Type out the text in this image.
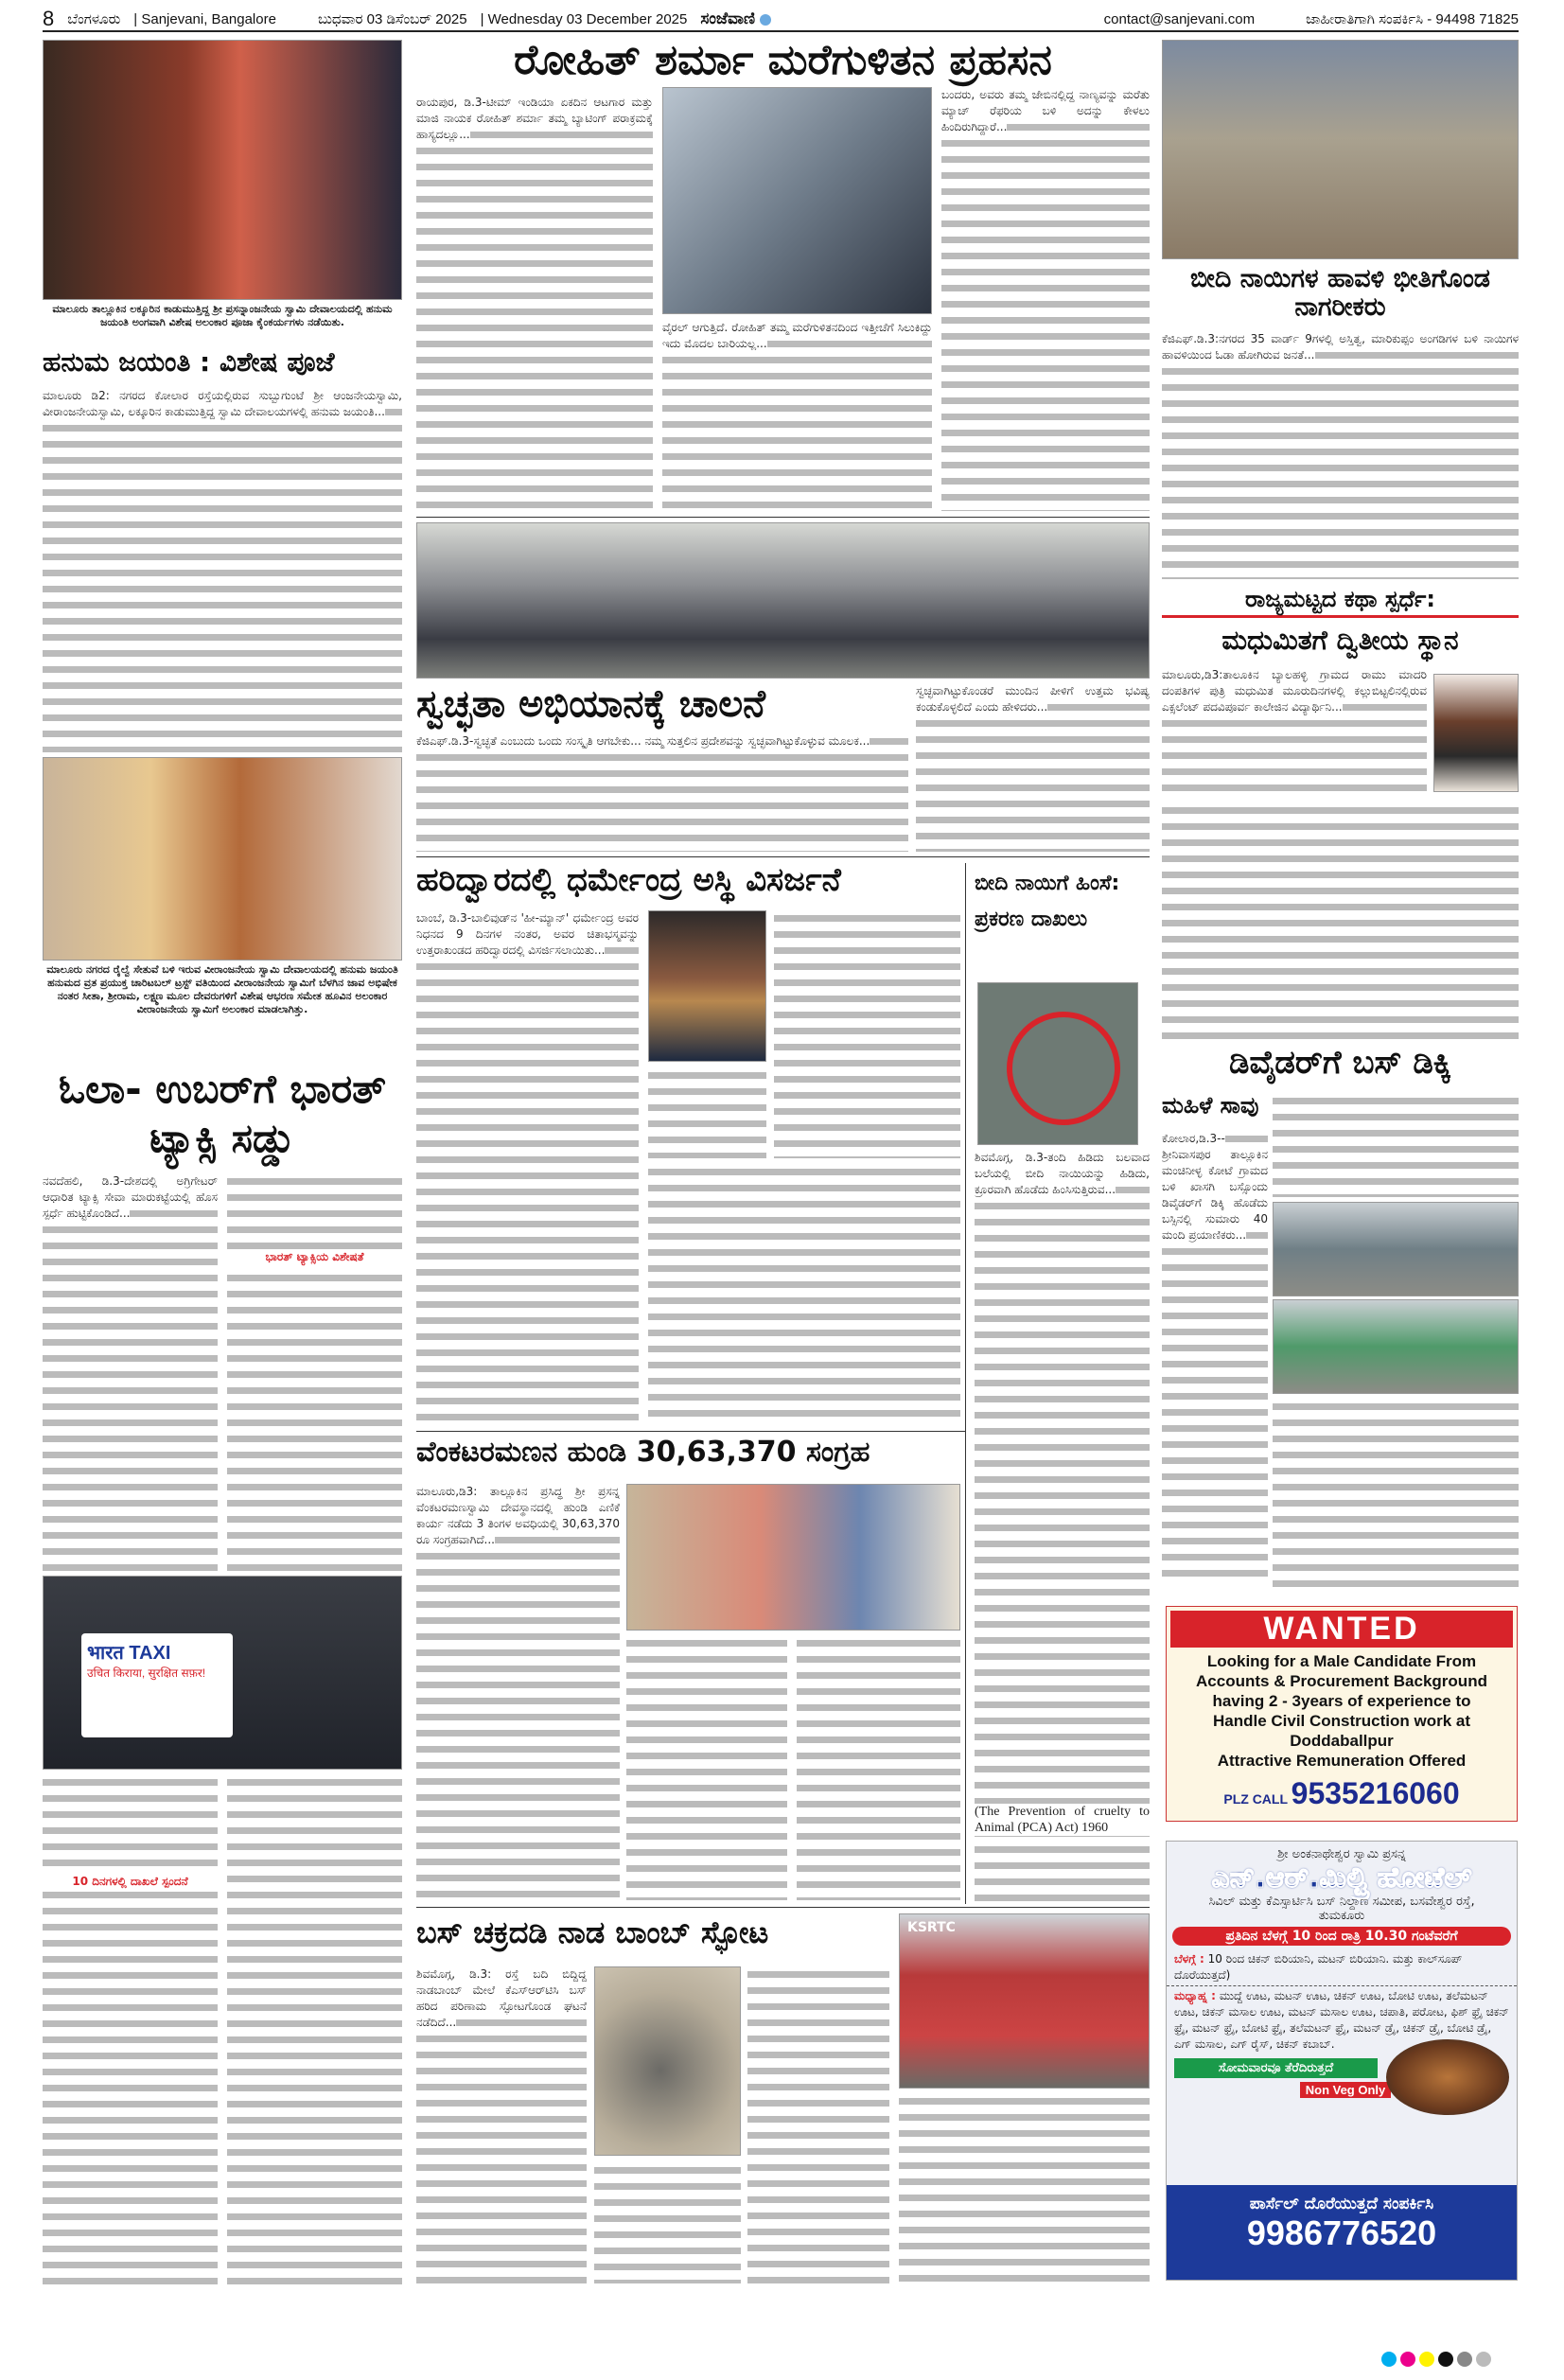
8 ಬೆಂಗಳೂರು | Sanjevani, Bangalore	ಬುಧವಾರ 03 ಡಿಸೆಂಬರ್ 2025 | Wednesday 03 December 2025 ಸಂಜೆವಾಣಿ	contact@sanjevani.com	ಜಾಹೀರಾತಿಗಾಗಿ ಸಂಪರ್ಕಿಸಿ - 94498 71825
ಮಾಲೂರು ತಾಲ್ಲೂಕಿನ ಲಕ್ಕೂರಿನ ಕಾಡುಮುತ್ತಿದ್ದ ಶ್ರೀ ಪ್ರಸನ್ನಾಂಜನೇಯ ಸ್ವಾಮಿ ದೇವಾಲಯದಲ್ಲಿ ಹನುಮ ಜಯಂತಿ ಅಂಗವಾಗಿ ವಿಶೇಷ ಅಲಂಕಾರ ಪೂಜಾ ಕೈಂಕರ್ಯಗಳು ನಡೆಯಿತು.
ಹನುಮ ಜಯಂತಿ : ವಿಶೇಷ ಪೂಜೆ
ಮಾಲೂರು ಡಿ2: ನಗರದ ಕೋಲಾರ ರಸ್ತೆಯಲ್ಲಿರುವ ಸುಬ್ಬುಗುಂಟೆ ಶ್ರೀ ಆಂಜನೇಯಸ್ವಾಮಿ, ವೀರಾಂಜನೇಯಸ್ವಾಮಿ, ಲಕ್ಕೂರಿನ ಕಾಡುಮುತ್ತಿದ್ದ ಸ್ವಾಮಿ ದೇವಾಲಯಗಳಲ್ಲಿ ಹನುಮ ಜಯಂತಿ...
ಮಾಲೂರು ನಗರದ ರೈಲ್ವೆ ಸೇತುವೆ ಬಳಿ ಇರುವ ವೀರಾಂಜನೇಯ ಸ್ವಾಮಿ ದೇವಾಲಯದಲ್ಲಿ ಹನುಮ ಜಯಂತಿ ಹನುಮದ ವ್ರತ ಪ್ರಯುಕ್ತ ಚಾರಿಟಬಲ್ ಟ್ರಸ್ಟ್ ವತಿಯಿಂದ ವೀರಾಂಜನೇಯ ಸ್ವಾಮಿಗೆ ಬೆಳಗಿನ ಜಾವ ಅಭಿಷೇಕ ನಂತರ ಸೀತಾ, ಶ್ರೀರಾಮ, ಲಕ್ಷ್ಮಣ ಮೂಲ ದೇವರುಗಳಿಗೆ ವಿಶೇಷ ಆಭರಣ ಸಮೇತ ಹೂವಿನ ಅಲಂಕಾರ ವೀರಾಂಜನೇಯ ಸ್ವಾಮಿಗೆ ಅಲಂಕಾರ ಮಾಡಲಾಗಿತ್ತು.
ಓಲಾ- ಉಬರ್‌ಗೆ ಭಾರತ್ ಟ್ಯಾಕ್ಸಿ ಸಡ್ಡು
ನವದೆಹಲಿ, ಡಿ.3-ದೇಶದಲ್ಲಿ ಅಗ್ರಿಗೇಟರ್ ಆಧಾರಿತ ಟ್ಯಾಕ್ಸಿ ಸೇವಾ ಮಾರುಕಟ್ಟೆಯಲ್ಲಿ ಹೊಸ ಸ್ಪರ್ಧೆ ಹುಟ್ಟಿಕೊಂಡಿದೆ...
ಭಾರತ್ ಟ್ಯಾಕ್ಸಿಯ ವಿಶೇಷತೆ
भारत TAXI
उचित किराया, सुरक्षित सफ़र!
10 ದಿನಗಳಲ್ಲಿ ದಾಖಲೆ ಸ್ಪಂದನೆ
ರೋಹಿತ್ ಶರ್ಮಾ ಮರೆಗುಳಿತನ ಪ್ರಹಸನ
ರಾಯಪುರ, ಡಿ.3-ಟೀಮ್ ಇಂಡಿಯಾ ಏಕದಿನ ಆಟಗಾರ ಮತ್ತು ಮಾಜಿ ನಾಯಕ ರೋಹಿತ್ ಶರ್ಮಾ ತಮ್ಮ ಬ್ಯಾಟಿಂಗ್ ಪರಾಕ್ರಮಕ್ಕೆ ಹಾಸ್ಯದಲ್ಲೂ...
ವೈರಲ್ ಆಗುತ್ತಿದೆ. ರೋಹಿತ್ ತಮ್ಮ ಮರೆಗುಳಿತನದಿಂದ ಇತ್ತೀಚೆಗೆ ಸಿಲುಕಿದ್ದು ಇದು ಮೊದಲ ಬಾರಿಯಲ್ಲ...
ಬಂದರು, ಅವರು ತಮ್ಮ ಜೇಬಿನಲ್ಲಿದ್ದ ನಾಣ್ಯವನ್ನು ಮರೆತು ಮ್ಯಾಚ್ ರೆಫರಿಯ ಬಳಿ ಅದನ್ನು ಕೇಳಲು ಹಿಂದಿರುಗಿದ್ದಾರೆ...
ಸ್ವಚ್ಛತಾ ಅಭಿಯಾನಕ್ಕೆ ಚಾಲನೆ
ಕೆಜಿಎಫ್.ಡಿ.3-ಸ್ವಚ್ಛತೆ ಎಂಬುದು ಒಂದು ಸಂಸ್ಕೃತಿ ಆಗಬೇಕು... ನಮ್ಮ ಸುತ್ತಲಿನ ಪ್ರದೇಶವನ್ನು ಸ್ವಚ್ಛವಾಗಿಟ್ಟುಕೊಳ್ಳುವ ಮೂಲಕ...
ಸ್ವಚ್ಛವಾಗಿಟ್ಟುಕೊಂಡರೆ ಮುಂದಿನ ಪೀಳಿಗೆ ಉತ್ತಮ ಭವಿಷ್ಯ ಕಂಡುಕೊಳ್ಳಲಿದೆ ಎಂದು ಹೇಳಿದರು...
ಹರಿದ್ವಾರದಲ್ಲಿ ಧರ್ಮೇಂದ್ರ ಅಸ್ಥಿ ವಿಸರ್ಜನೆ
ಬಾಂಬೆ, ಡಿ.3-ಬಾಲಿವುಡ್‌ನ 'ಹೀ-ಮ್ಯಾನ್' ಧರ್ಮೇಂದ್ರ ಅವರ ನಿಧನದ 9 ದಿನಗಳ ನಂತರ, ಅವರ ಚಿತಾಭಸ್ಮವನ್ನು ಉತ್ತರಾಖಂಡದ ಹರಿದ್ವಾರದಲ್ಲಿ ವಿಸರ್ಜಿಸಲಾಯಿತು...
ಬೀದಿ ನಾಯಿಗೆ ಹಿಂಸೆ: ಪ್ರಕರಣ ದಾಖಲು
ಶಿವಮೊಗ್ಗ, ಡಿ.3-ತಂದಿ ಹಿಡಿದು ಬಲವಾದ ಬಲೆಯಲ್ಲಿ ಬೀದಿ ನಾಯಿಯನ್ನು ಹಿಡಿದು, ಕ್ರೂರವಾಗಿ ಹೊಡೆದು ಹಿಂಸಿಸುತ್ತಿರುವ...
(The Prevention of cruelty to Animal (PCA) Act) 1960
ವೆಂಕಟರಮಣನ ಹುಂಡಿ 30,63,370 ಸಂಗ್ರಹ
ಮಾಲೂರು,ಡಿ3: ತಾಲ್ಲೂಕಿನ ಪ್ರಸಿದ್ಧ ಶ್ರೀ ಪ್ರಸನ್ನ ವೆಂಕಟರಮಣಸ್ವಾಮಿ ದೇವಸ್ಥಾನದಲ್ಲಿ ಹುಂಡಿ ಎಣಿಕೆ ಕಾರ್ಯ ನಡೆದು 3 ತಿಂಗಳ ಅವಧಿಯಲ್ಲಿ 30,63,370 ರೂ ಸಂಗ್ರಹವಾಗಿದೆ...
ಬಸ್ ಚಕ್ರದಡಿ ನಾಡ ಬಾಂಬ್ ಸ್ಫೋಟ	KSRTC
ಶಿವಮೊಗ್ಗ, ಡಿ.3: ರಸ್ತೆ ಬದಿ ಬಿದ್ದಿದ್ದ ನಾಡಬಾಂಬ್ ಮೇಲೆ ಕೆಎಸ್‌ಆರ್‌ಟಿಸಿ ಬಸ್ ಹರಿದ ಪರಿಣಾಮ ಸ್ಫೋಟಗೊಂಡ ಘಟನೆ ನಡೆದಿದೆ...
ಬೀದಿ ನಾಯಿಗಳ ಹಾವಳಿ ಭೀತಿಗೊಂಡ ನಾಗರೀಕರು
ಕೆಜಿಎಫ್.ಡಿ.3:ನಗರದ 35 ವಾರ್ಡ್ 9ಗಳಲ್ಲಿ ಅಸ್ತಿತ್ವ, ಮಾರಿಕುಪ್ಪಂ ಅಂಗಡಿಗಳ ಬಳಿ ನಾಯಿಗಳ ಹಾವಳಿಯಿಂದ ಓಡಾ ಹೋಗಿರುವ ಜನತೆ...
ರಾಜ್ಯಮಟ್ಟದ ಕಥಾ ಸ್ಪರ್ಧೆ:
ಮಧುಮಿತಗೆ ದ್ವಿತೀಯ ಸ್ಥಾನ
ಮಾಲೂರು,ಡಿ3:ತಾಲೂಕಿನ ಬ್ಯಾಲಹಳ್ಳಿ ಗ್ರಾಮದ ರಾಮು ಮಾದರಿ ದಂಪತಿಗಳ ಪುತ್ರಿ ಮಧುಮಿತ ಮೂರುದಿನಗಳಲ್ಲಿ ಕಲ್ಲುಬಿಟ್ಟಲಿನಲ್ಲಿರುವ ಎಕ್ಸಲೆಂಟ್ ಪದವಿಪೂರ್ವ ಕಾಲೇಜಿನ ವಿದ್ಯಾರ್ಥಿನಿ...
ಡಿವೈಡರ್‌ಗೆ ಬಸ್ ಡಿಕ್ಕಿ
ಮಹಿಳೆ ಸಾವು
ಕೋಲಾರ,ಡಿ.3-- ಶ್ರೀನಿವಾಸಪುರ ತಾಲ್ಲೂಕಿನ ಮಂಚಿನೀಳ್ಳ ಕೋಟೆ ಗ್ರಾಮದ ಬಳಿ ಖಾಸಗಿ ಬಸ್ಸೊಂದು ಡಿವೈಡರ್‌ಗೆ ಡಿಕ್ಕಿ ಹೊಡೆದು ಬಸ್ಸಿನಲ್ಲಿ ಸುಮಾರು 40 ಮಂದಿ ಪ್ರಯಾಣಿಕರು...
WANTED
Looking for a Male Candidate From
Accounts & Procurement Background
having 2 - 3years of experience to
Handle Civil Construction work at
Doddaballpur
Attractive Remuneration Offered
PLZ CALL 9535216060
ಶ್ರೀ ಅಂಕನಾಥೇಶ್ವರ ಸ್ವಾಮಿ ಪ್ರಸನ್ನ
ಎನ್.ಆರ್.ಮಿಲ್ಟ್ರಿ ಹೋಟೆಲ್
ಸಿವಿಲ್ ಮತ್ತು ಕೆಎಸ್ಸಾರ್ಟಿಸಿ ಬಸ್ ನಿಲ್ದಾಣ ಸಮೀಪ, ಬಸವೇಶ್ವರ ರಸ್ತೆ, ತುಮಕೂರು
ಪ್ರತಿದಿನ ಬೆಳಗ್ಗೆ 10 ರಿಂದ ರಾತ್ರಿ 10.30 ಗಂಟೆವರೆಗೆ
ಬೆಳಗ್ಗೆ : 10 ರಿಂದ ಚಿಕನ್ ಬಿರಿಯಾನಿ, ಮಟನ್ ಬಿರಿಯಾನಿ. ಮತ್ತು ಕಾಲ್‌ಸೂಪ್ ದೊರೆಯುತ್ತದೆ)
ಮಧ್ಯಾಹ್ನ : ಮುದ್ದೆ ಊಟ, ಮಟನ್ ಊಟ, ಚಿಕನ್ ಊಟ, ಬೋಟಿ ಊಟ, ತಲೆಮಟನ್ ಊಟ, ಚಿಕನ್ ಮಸಾಲ ಊಟ, ಮಟನ್ ಮಸಾಲ ಊಟ, ಚಪಾತಿ, ಪರೋಟ, ಫಿಶ್ ಫ್ರೈ ಚಿಕನ್ ಫ್ರೈ, ಮಟನ್ ಫ್ರೈ, ಬೋಟಿ ಫ್ರೈ, ತಲೆಮಟನ್ ಫ್ರೈ, ಮಟನ್ ಡ್ರೈ, ಚಿಕನ್ ಡ್ರೈ, ಬೋಟಿ ಡ್ರೈ, ಎಗ್ ಮಸಾಲ, ಎಗ್ ರೈಸ್, ಚಿಕನ್ ಕಬಾಬ್.
ಸೋಮವಾರವೂ ತೆರೆದಿರುತ್ತದೆ
Non Veg Only
ಪಾರ್ಸೆಲ್ ದೊರೆಯುತ್ತದೆ ಸಂಪರ್ಕಿಸಿ
9986776520
